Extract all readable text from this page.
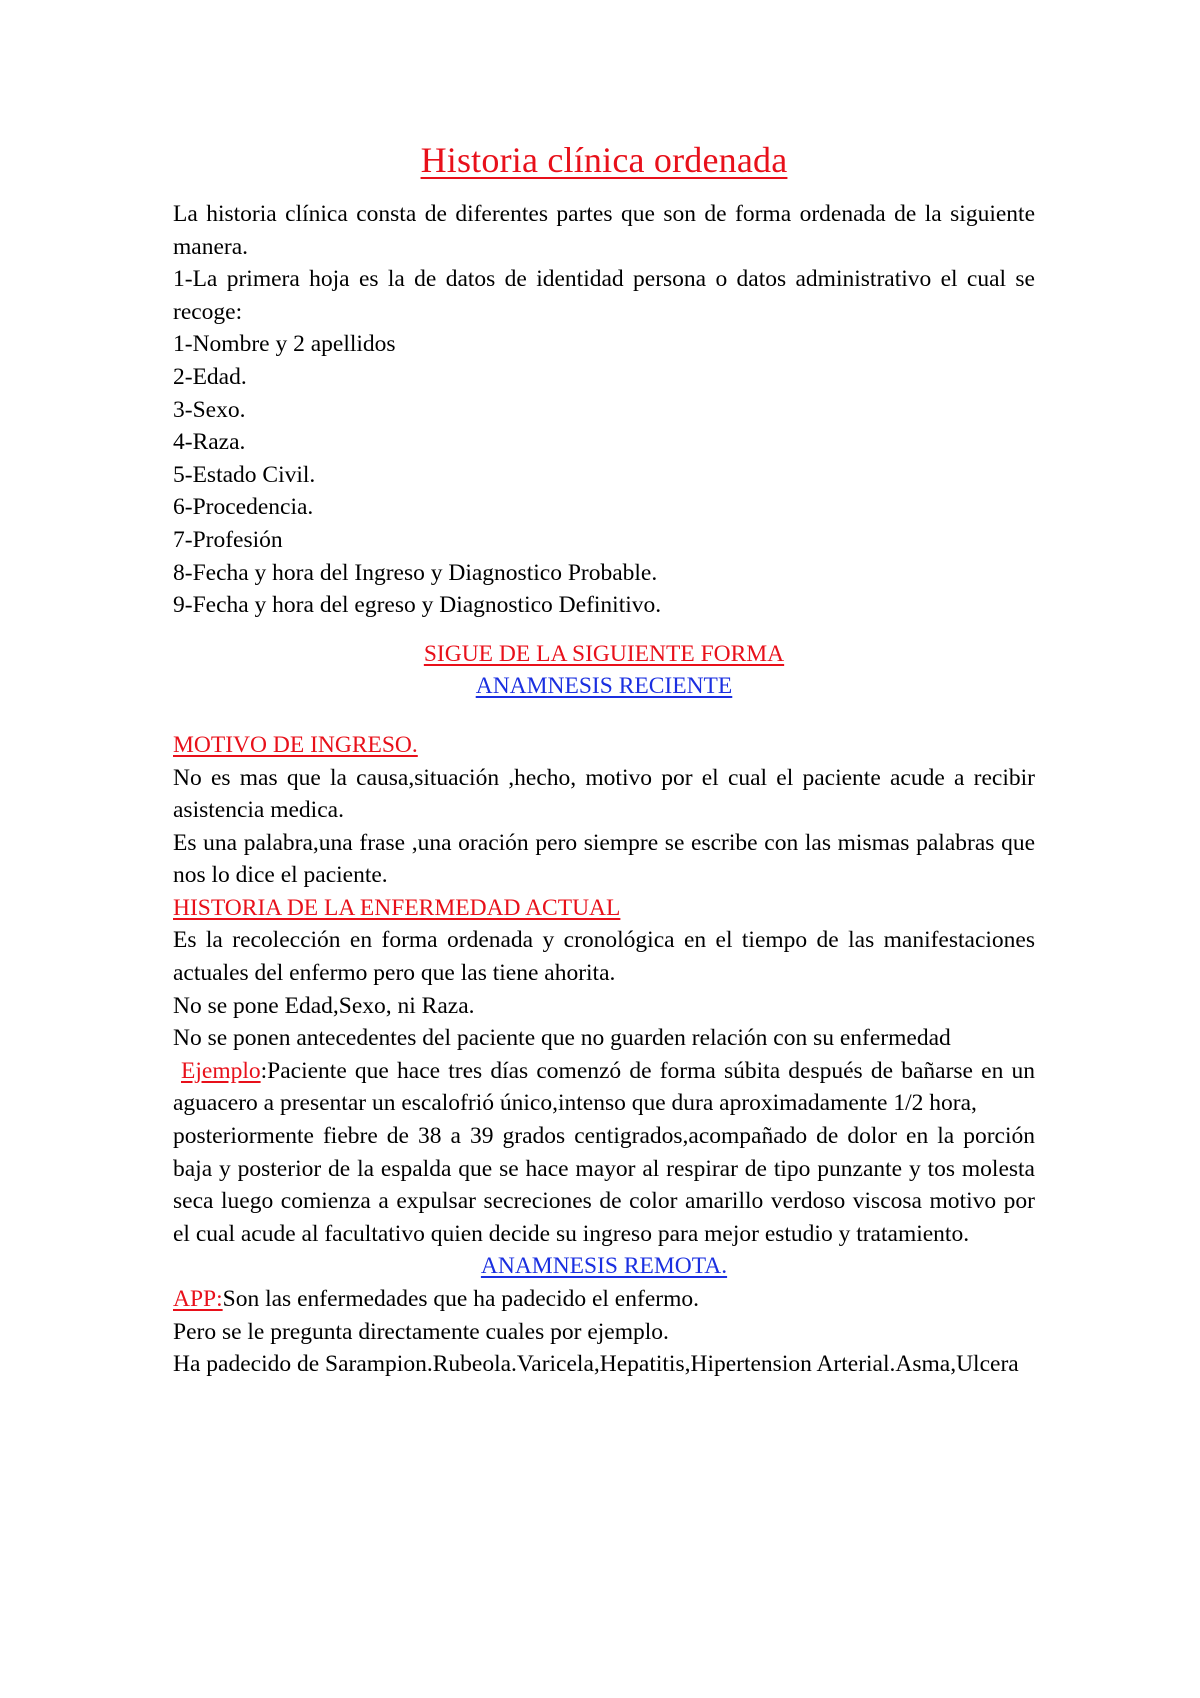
Historia clínica ordenada

La historia clínica consta de diferentes partes que son de forma ordenada de la siguiente manera.

1-La primera hoja es la de datos de identidad persona o datos administrativo el cual se recoge:

1-Nombre y 2 apellidos

2-Edad.

3-Sexo.

4-Raza.

5-Estado Civil.

6-Procedencia.

7-Profesión

8-Fecha y hora del Ingreso y Diagnostico Probable.

9-Fecha y hora del egreso y Diagnostico Definitivo.

SIGUE DE LA SIGUIENTE FORMA

ANAMNESIS RECIENTE

MOTIVO DE INGRESO.

No es mas que la causa,situación ,hecho, motivo por el cual el paciente acude a recibir asistencia medica.

Es una palabra,una frase ,una oración pero siempre se escribe con las mismas palabras que nos lo dice el paciente.

HISTORIA DE LA ENFERMEDAD ACTUAL

Es la recolección en forma ordenada y cronológica en el tiempo de las manifestaciones actuales del enfermo pero que las tiene ahorita.

No se pone Edad,Sexo, ni Raza.

No se ponen antecedentes del paciente que no guarden relación con su enfermedad

Ejemplo:Paciente que hace tres días comenzó de forma súbita después de bañarse en un aguacero a presentar un escalofrió único,intenso que dura aproximadamente 1/2 hora,

posteriormente fiebre de 38 a 39 grados centigrados,acompañado de dolor en la porción baja y posterior de la espalda que se hace mayor al respirar de tipo punzante y tos molesta seca luego comienza a expulsar secreciones de color amarillo verdoso viscosa motivo por el cual acude al facultativo quien decide su ingreso para mejor estudio y tratamiento.

ANAMNESIS REMOTA.

APP:Son las enfermedades que ha padecido el enfermo.

Pero se le pregunta directamente cuales por ejemplo.

Ha padecido de Sarampion.Rubeola.Varicela,Hepatitis,Hipertension Arterial.Asma,Ulcera
